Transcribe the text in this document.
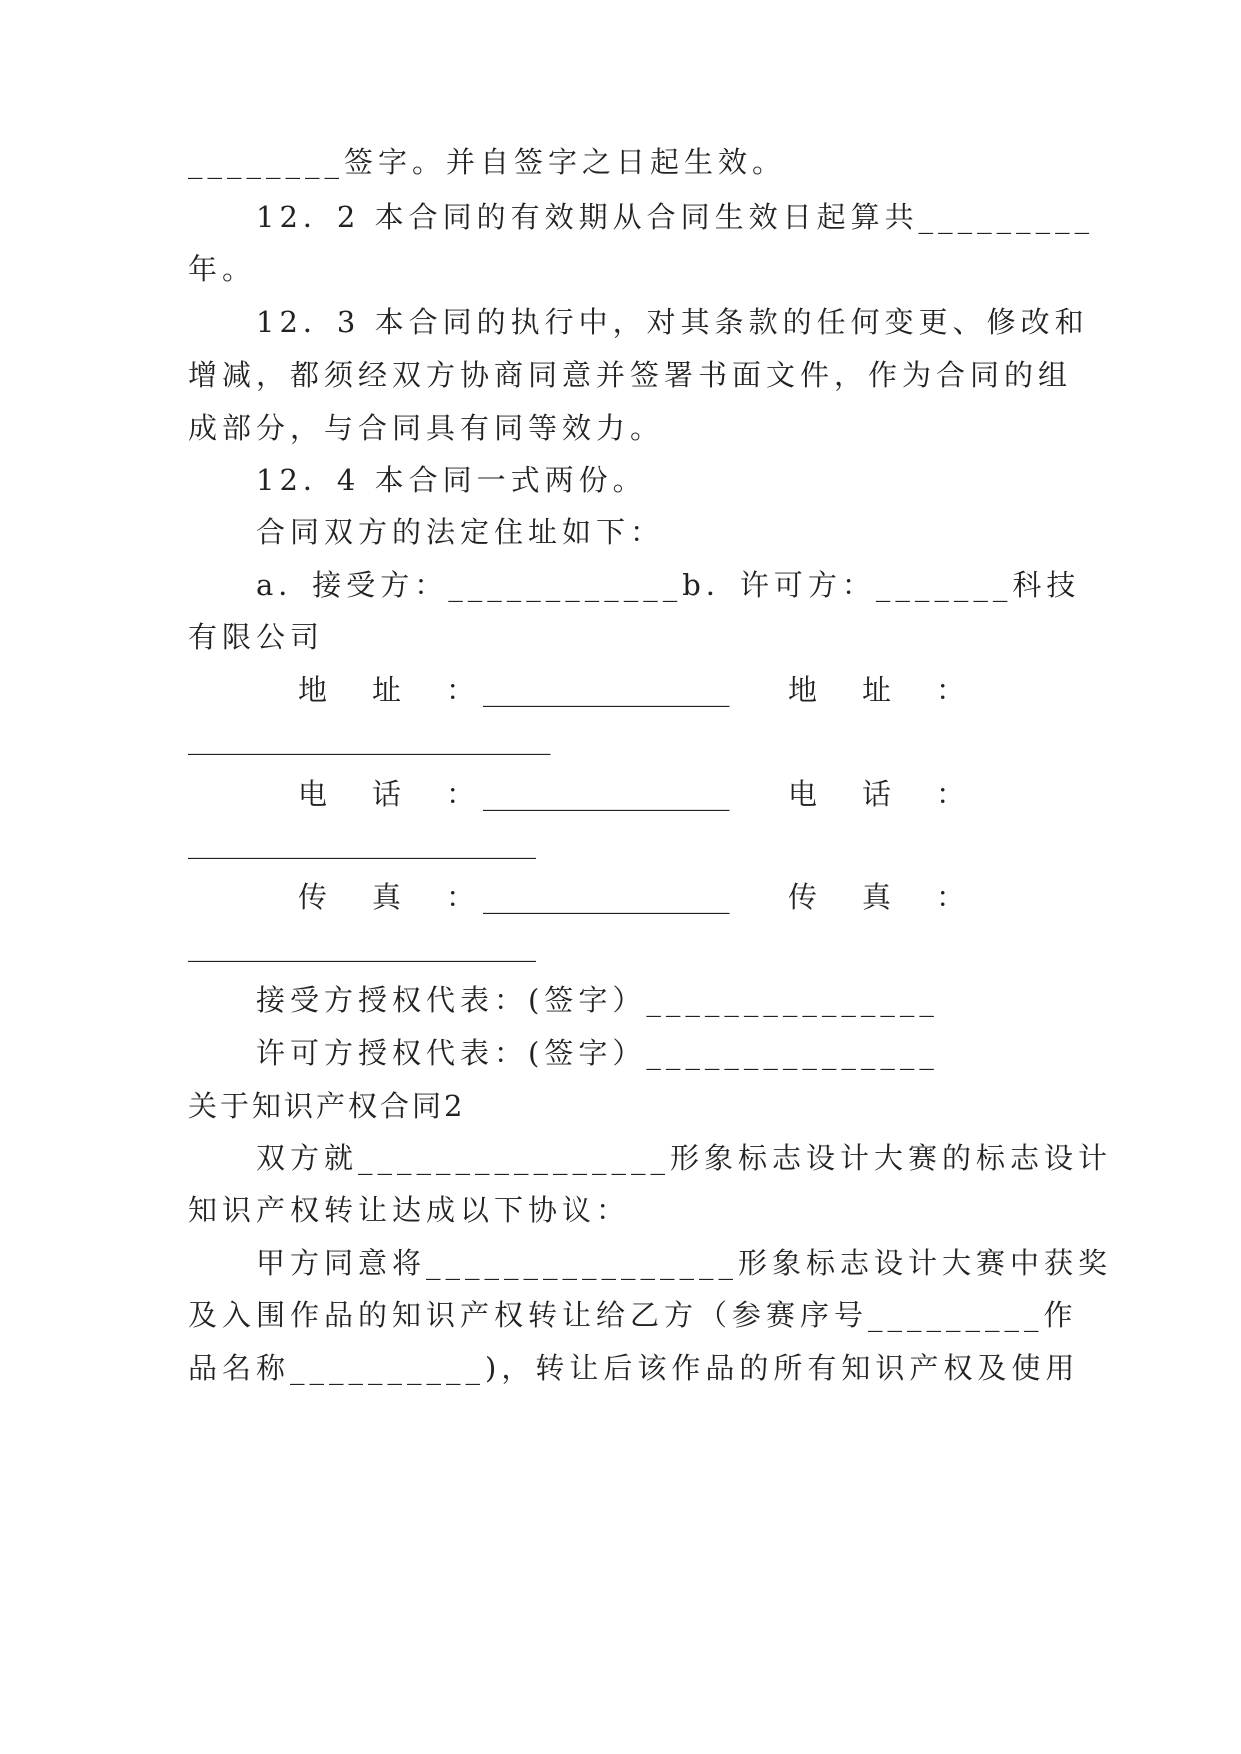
________签字。并自签字之日起生效。
12．2 本合同的有效期从合同生效日起算共_________
年。
12．3 本合同的执行中，对其条款的任何变更、修改和
增减，都须经双方协商同意并签署书面文件，作为合同的组
成部分，与合同具有同等效力。
12．4 本合同一式两份。
合同双方的法定住址如下：
a．接受方：____________ b． 许可方：_______科技
有限公司
地　址　： _________________ 地　址　：
_________________________
电　话　： _________________ 电　话　：
________________________
传　真　： _________________ 传　真　：
________________________
接受方授权代表：(签字）_______________
许可方授权代表：(签字）_______________
关于知识产权合同2
双方就________________形象标志设计大赛的标志设计
知识产权转让达成以下协议：
甲方同意将________________形象标志设计大赛中获奖
及入围作品的知识产权转让给乙方（参赛序号_________作
品名称__________)，转让后该作品的所有知识产权及使用
